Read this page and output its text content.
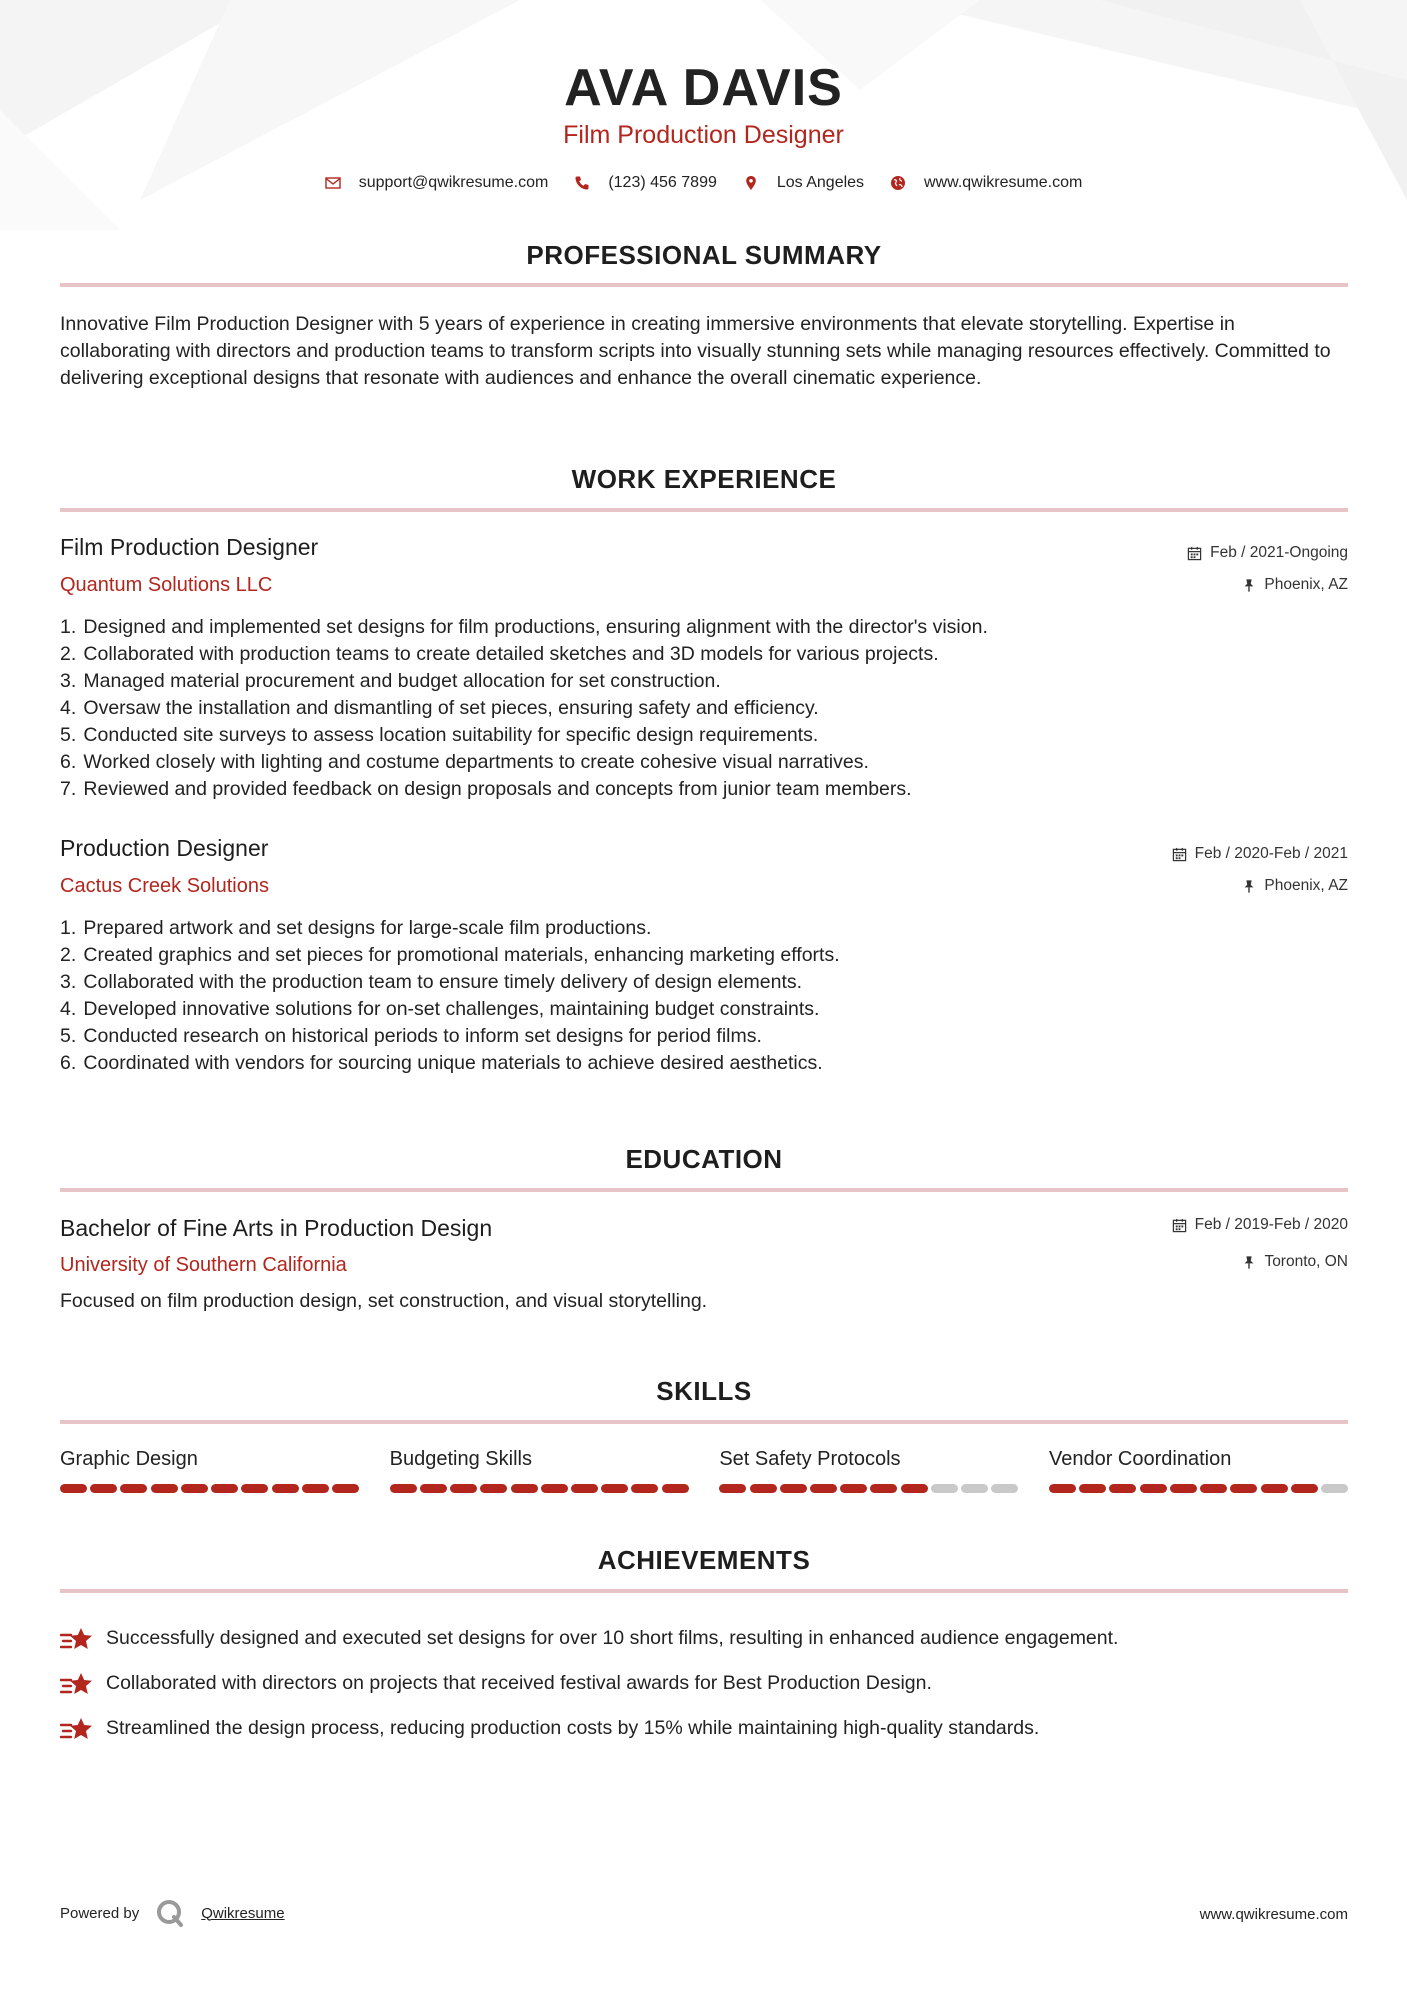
AVA DAVIS
Film Production Designer
support@qwikresume.com	(123) 456 7899	Los Angeles	www.qwikresume.com
PROFESSIONAL SUMMARY
Innovative Film Production Designer with 5 years of experience in creating immersive environments that elevate storytelling. Expertise in collaborating with directors and production teams to transform scripts into visually stunning sets while managing resources effectively. Committed to delivering exceptional designs that resonate with audiences and enhance the overall cinematic experience.
WORK EXPERIENCE
Film Production Designer
Quantum Solutions LLC
Feb / 2021-Ongoing
Phoenix, AZ
1. Designed and implemented set designs for film productions, ensuring alignment with the director's vision.
2. Collaborated with production teams to create detailed sketches and 3D models for various projects.
3. Managed material procurement and budget allocation for set construction.
4. Oversaw the installation and dismantling of set pieces, ensuring safety and efficiency.
5. Conducted site surveys to assess location suitability for specific design requirements.
6. Worked closely with lighting and costume departments to create cohesive visual narratives.
7. Reviewed and provided feedback on design proposals and concepts from junior team members.
Production Designer
Cactus Creek Solutions
Feb / 2020-Feb / 2021
Phoenix, AZ
1. Prepared artwork and set designs for large-scale film productions.
2. Created graphics and set pieces for promotional materials, enhancing marketing efforts.
3. Collaborated with the production team to ensure timely delivery of design elements.
4. Developed innovative solutions for on-set challenges, maintaining budget constraints.
5. Conducted research on historical periods to inform set designs for period films.
6. Coordinated with vendors for sourcing unique materials to achieve desired aesthetics.
EDUCATION
Bachelor of Fine Arts in Production Design
University of Southern California
Feb / 2019-Feb / 2020
Toronto, ON
Focused on film production design, set construction, and visual storytelling.
SKILLS
Graphic Design	Budgeting Skills	Set Safety Protocols	Vendor Coordination
ACHIEVEMENTS
Successfully designed and executed set designs for over 10 short films, resulting in enhanced audience engagement.
Collaborated with directors on projects that received festival awards for Best Production Design.
Streamlined the design process, reducing production costs by 15% while maintaining high-quality standards.
Powered by	Qwikresume	www.qwikresume.com
